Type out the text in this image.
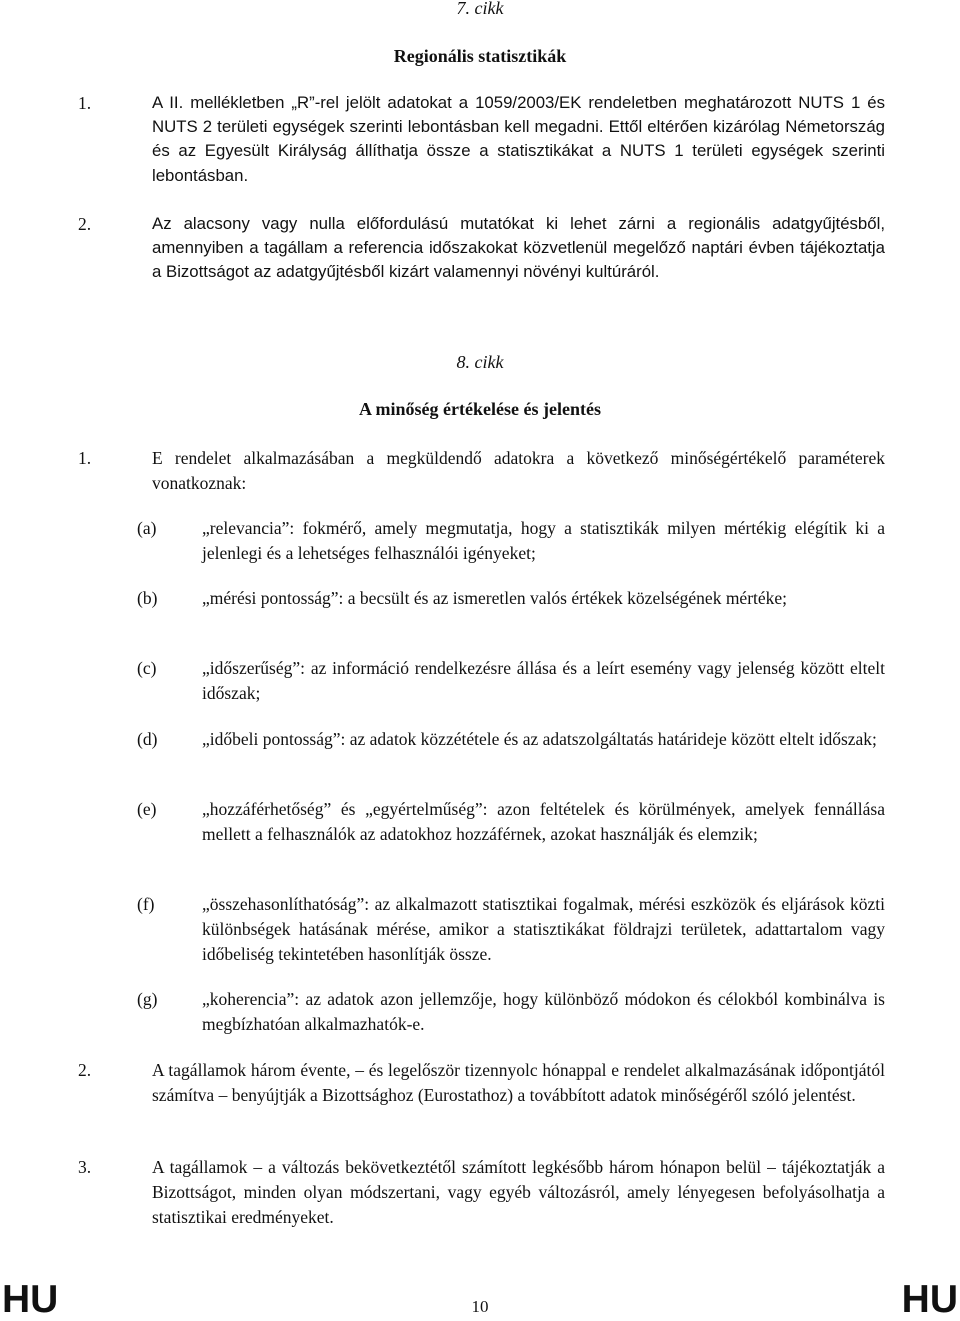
7. cikk
Regionális statisztikák
1.	A II. mellékletben „R”-rel jelölt adatokat a 1059/2003/EK rendeletben meghatározott NUTS 1 és NUTS 2 területi egységek szerinti lebontásban kell megadni. Ettől eltérően kizárólag Németország és az Egyesült Királyság állíthatja össze a statisztikákat a NUTS 1 területi egységek szerinti lebontásban.

2.	Az alacsony vagy nulla előfordulású mutatókat ki lehet zárni a regionális adatgyűjtésből, amennyiben a tagállam a referencia időszakokat közvetlenül megelőző naptári évben tájékoztatja a Bizottságot az adatgyűjtésből kizárt valamennyi növényi kultúráról.

8. cikk
A minőség értékelése és jelentés
1.	E rendelet alkalmazásában a megküldendő adatokra a következő minőségértékelő paraméterek vonatkoznak:

(a)	„relevancia”: fokmérő, amely megmutatja, hogy a statisztikák milyen mértékig elégítik ki a jelenlegi és a lehetséges felhasználói igényeket;

(b)	„mérési pontosság”: a becsült és az ismeretlen valós értékek közelségének mértéke;

(c)	„időszerűség”: az információ rendelkezésre állása és a leírt esemény vagy jelenség között eltelt időszak;

(d)	„időbeli pontosság”: az adatok közzététele és az adatszolgáltatás határideje között eltelt időszak;

(e)	„hozzáférhetőség” és „egyértelműség”: azon feltételek és körülmények, amelyek fennállása mellett a felhasználók az adatokhoz hozzáférnek, azokat használják és elemzik;

(f)	„összehasonlíthatóság”: az alkalmazott statisztikai fogalmak, mérési eszközök és eljárások közti különbségek hatásának mérése, amikor a statisztikákat földrajzi területek, adattartalom vagy időbeliség tekintetében hasonlítják össze.

(g)	„koherencia”: az adatok azon jellemzője, hogy különböző módokon és célokból kombinálva is megbízhatóan alkalmazhatók-e.

2.	A tagállamok három évente, – és legelőször tizennyolc hónappal e rendelet alkalmazásának időpontjától számítva – benyújtják a Bizottsághoz (Eurostathoz) a továbbított adatok minőségéről szóló jelentést.

3.	A tagállamok – a változás bekövetkeztétől számított legkésőbb három hónapon belül – tájékoztatják a Bizottságot, minden olyan módszertani, vagy egyéb változásról, amely lényegesen befolyásolhatja a statisztikai eredményeket.

HU	10	HU
